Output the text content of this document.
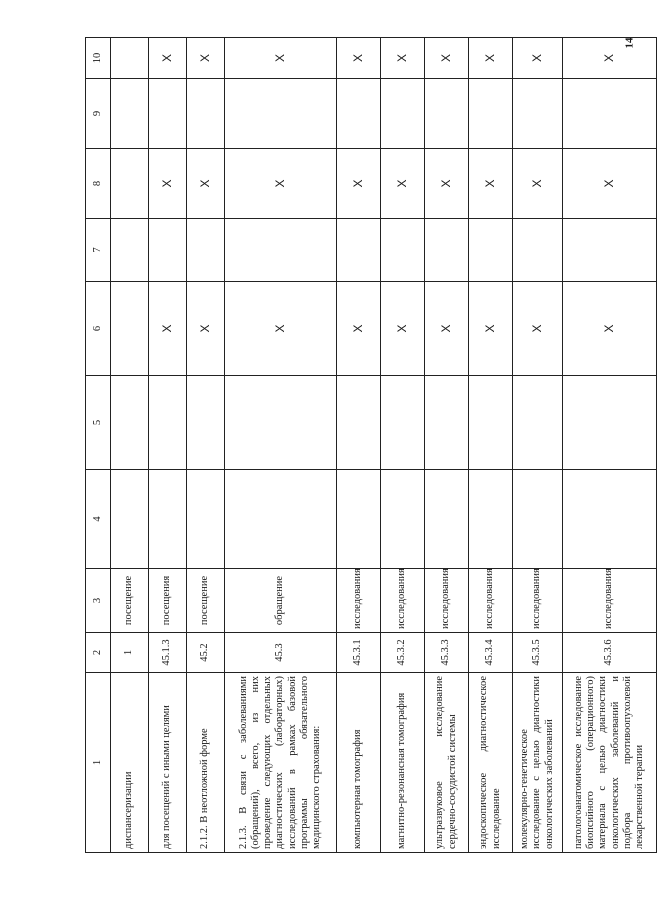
14
1	2	3	4	5	6	7	8	9	10
диспансеризации	1	посещение							
для посещений с иными целями	45.1.3	посещения			Х		Х		Х
2.1.2. В неотложной форме	45.2	посещение			Х		Х		Х
2.1.3. В связи с заболеваниями (обращений), всего, из них проведение следующих отдельных диагностических (лабораторных) исследований в рамках базовой программы обязательного медицинского страхования:	45.3	обращение			Х		Х		Х
компьютерная томография	45.3.1	исследования			Х		Х		Х
магнитно-резонансная томография	45.3.2	исследования			Х		Х		Х
ультразвуковое исследование сердечно-сосудистой системы	45.3.3	исследования			Х		Х		Х
эндоскопическое диагностическое исследование	45.3.4	исследования			Х		Х		Х
молекулярно-генетическое исследование с целью диагностики онкологических заболеваний	45.3.5	исследования			Х		Х		Х
патологоанатомическое исследование биопсийного (операционного) материала с целью диагностики онкологических заболеваний и подбора противоопухолевой лекарственной терапии	45.3.6	исследования			Х		Х		Х
